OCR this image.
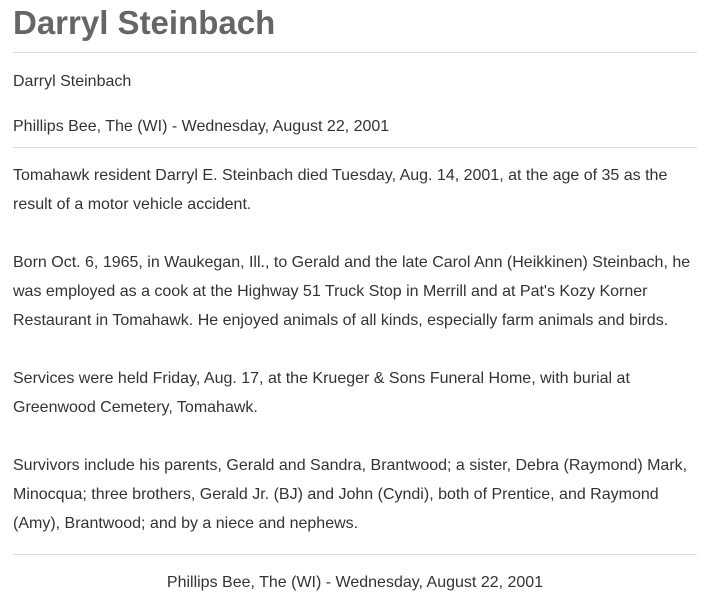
Darryl Steinbach

Darryl Steinbach

Phillips Bee, The (WI) - Wednesday, August 22, 2001

Tomahawk resident Darryl E. Steinbach died Tuesday, Aug. 14, 2001, at the age of 35 as the result of a motor vehicle accident.

Born Oct. 6, 1965, in Waukegan, Ill., to Gerald and the late Carol Ann (Heikkinen) Steinbach, he was employed as a cook at the Highway 51 Truck Stop in Merrill and at Pat's Kozy Korner Restaurant in Tomahawk. He enjoyed animals of all kinds, especially farm animals and birds.

Services were held Friday, Aug. 17, at the Krueger & Sons Funeral Home, with burial at Greenwood Cemetery, Tomahawk.

Survivors include his parents, Gerald and Sandra, Brantwood; a sister, Debra (Raymond) Mark, Minocqua; three brothers, Gerald Jr. (BJ) and John (Cyndi), both of Prentice, and Raymond (Amy), Brantwood; and by a niece and nephews.

Phillips Bee, The (WI) - Wednesday, August 22, 2001
